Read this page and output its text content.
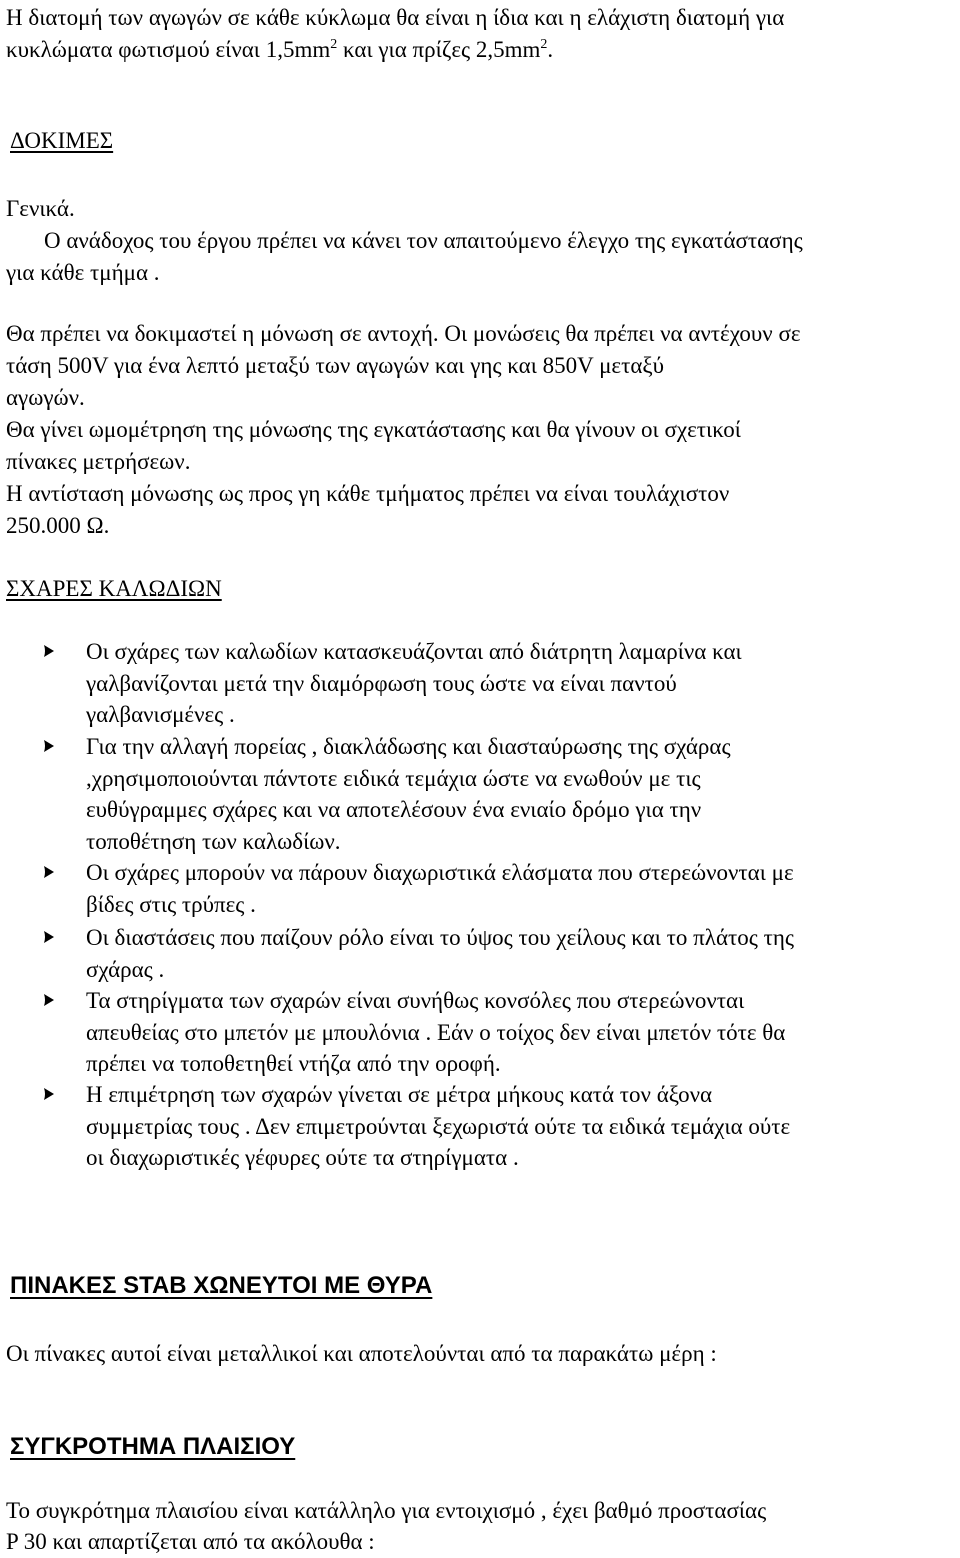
Η διατομή των αγωγών σε κάθε κύκλωμα θα είναι η ίδια και η ελάχιστη διατομή για
κυκλώματα φωτισμού είναι $1,5mm^2$ και για πρίζες $2,5mm^2$.
ΔΟΚΙΜΕΣ
Γενικά.
Ο ανάδοχος του έργου πρέπει να κάνει τον απαιτούμενο έλεγχο της εγκατάστασης
για κάθε τμήμα .
Θα πρέπει να δοκιμαστεί η μόνωση σε αντοχή. Οι μονώσεις θα πρέπει να αντέχουν σε
τάση 500V για ένα λεπτό μεταξύ των αγωγών και γης και 850V μεταξύ
αγωγών.
Θα γίνει ωμομέτρηση της μόνωσης της εγκατάστασης και θα γίνουν οι σχετικοί
πίνακες μετρήσεων.
Η αντίσταση μόνωσης ως προς γη κάθε τμήματος πρέπει να είναι τουλάχιστον
250.000 Ω.
ΣΧΑΡΕΣ ΚΑΛΩΔΙΩΝ
Οι σχάρες των καλωδίων κατασκευάζονται από διάτρητη λαμαρίνα και
γαλβανίζονται μετά την διαμόρφωση τους ώστε να είναι παντού
γαλβανισμένες .
Για την αλλαγή πορείας , διακλάδωσης και διασταύρωσης της σχάρας
,χρησιμοποιούνται πάντοτε ειδικά τεμάχια ώστε να ενωθούν με τις
ευθύγραμμες σχάρες και να αποτελέσουν ένα ενιαίο δρόμο για την
τοποθέτηση των καλωδίων.
Οι σχάρες μπορούν να πάρουν διαχωριστικά ελάσματα που στερεώνονται με
βίδες στις τρύπες .
Οι διαστάσεις που παίζουν ρόλο είναι το ύψος του χείλους και το πλάτος της
σχάρας .
Τα στηρίγματα των σχαρών είναι συνήθως κονσόλες που στερεώνονται
απευθείας στο μπετόν με μπουλόνια . Εάν ο τοίχος δεν είναι μπετόν τότε θα
πρέπει να τοποθετηθεί ντήζα από την οροφή.
Η επιμέτρηση των σχαρών γίνεται σε μέτρα μήκους κατά τον άξονα
συμμετρίας τους . Δεν επιμετρούνται ξεχωριστά ούτε τα ειδικά τεμάχια ούτε
οι διαχωριστικές γέφυρες ούτε τα στηρίγματα .
ΠΙΝΑΚΕΣ STAB ΧΩΝΕΥΤΟΙ ΜΕ ΘΥΡΑ
Οι πίνακες αυτοί είναι μεταλλικοί και αποτελούνται από τα παρακάτω μέρη :
ΣΥΓΚΡΟΤΗΜΑ ΠΛΑΙΣΙΟΥ
Το συγκρότημα πλαισίου είναι κατάλληλο για εντοιχισμό , έχει βαθμό προστασίας
P 30 και απαρτίζεται από τα ακόλουθα :
